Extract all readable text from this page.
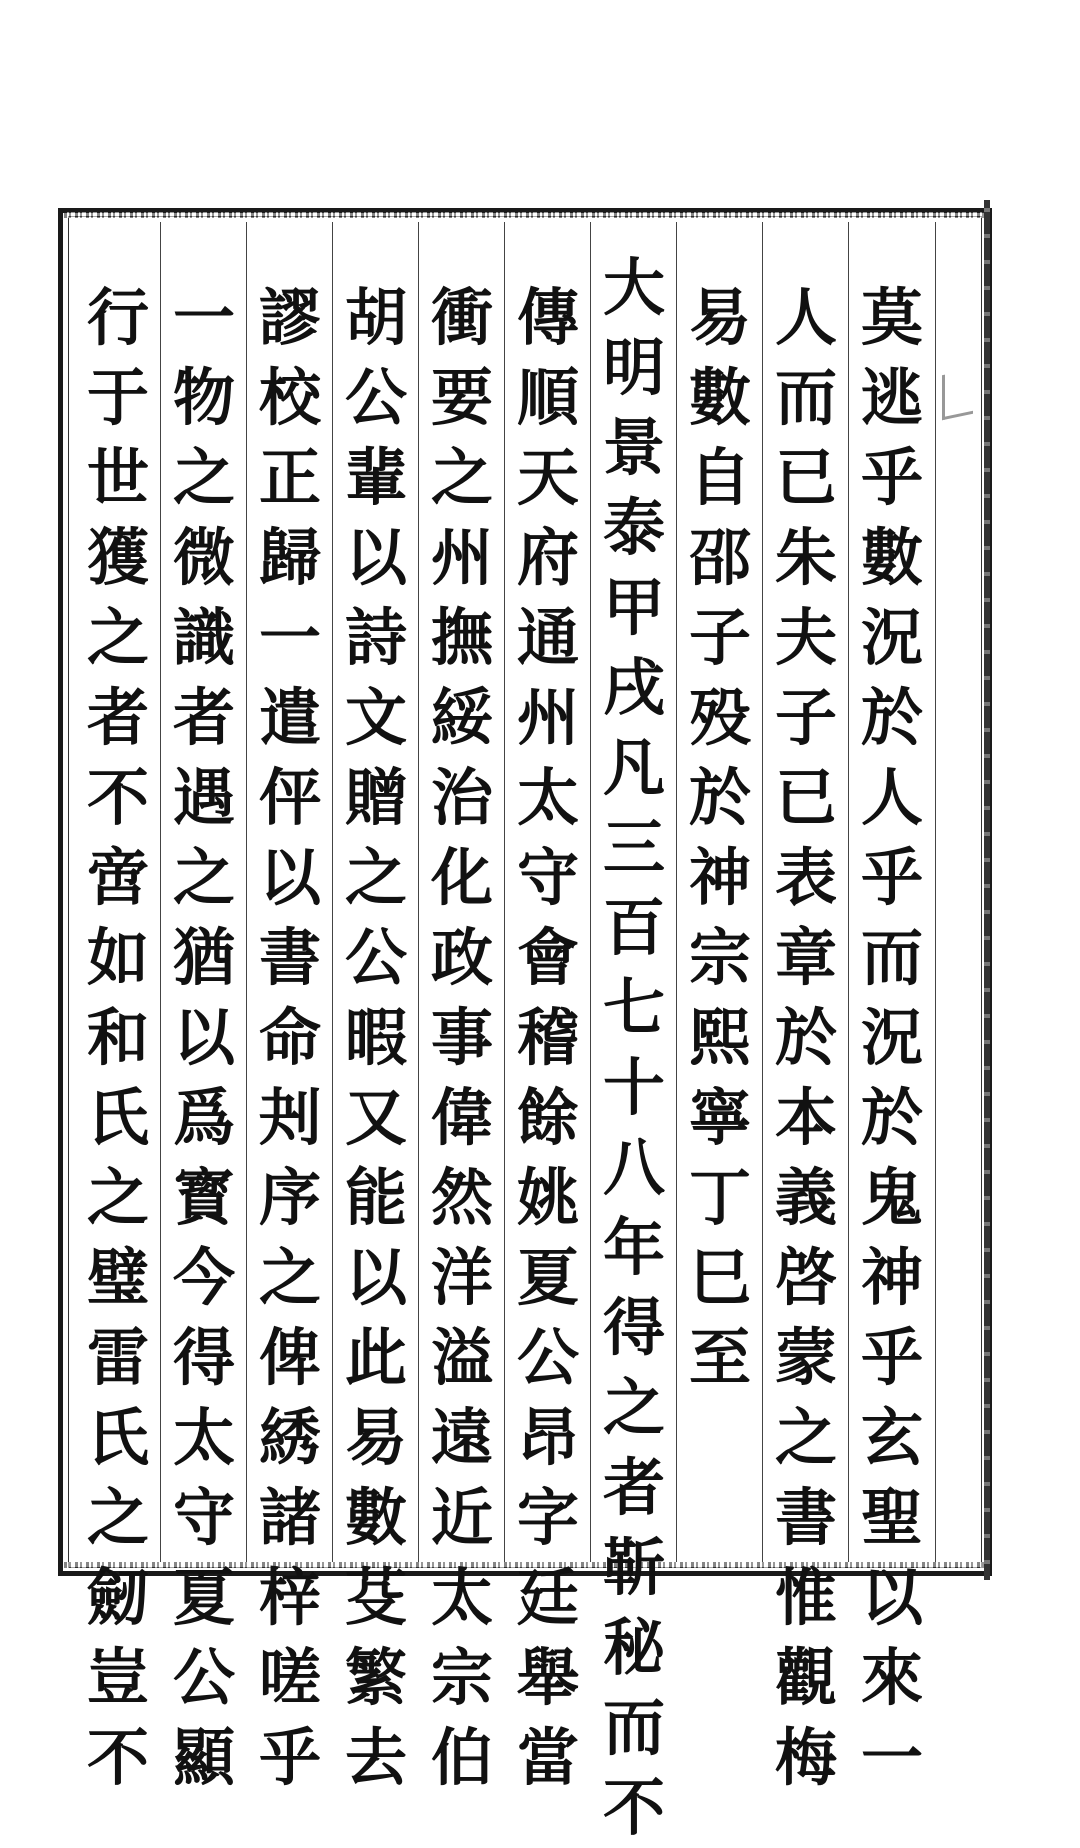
莫
逃
乎
數
況
於
人
乎
而
況
於
鬼
神
乎
玄
聖
以
來
一
人
而
已
朱
夫
子
已
表
章
於
本
義
啓
蒙
之
書
惟
觀
梅
易
數
自
邵
子
殁
於
神
宗
熙
寧
丁
巳
至
大
明
景
泰
甲
戌
凡
三
百
七
十
八
年
得
之
者
靳
秘
而
不
傳
順
天
府
通
州
太
守
會
稽
餘
姚
夏
公
昂
字
廷
舉
當
衝
要
之
州
撫
綏
治
化
政
事
偉
然
洋
溢
遠
近
太
宗
伯
胡
公
輩
以
詩
文
贈
之
公
暇
又
能
以
此
易
數
芟
繁
去
謬
校
正
歸
一
遣
伻
以
書
命
刔
序
之
俾
綉
諸
梓
嗟
乎
一
物
之
微
識
者
遇
之
猶
以
爲
寳
今
得
太
守
夏
公
顯
行
于
世
獲
之
者
不
啻
如
和
氏
之
璧
雷
氏
之
劒
豈
不
